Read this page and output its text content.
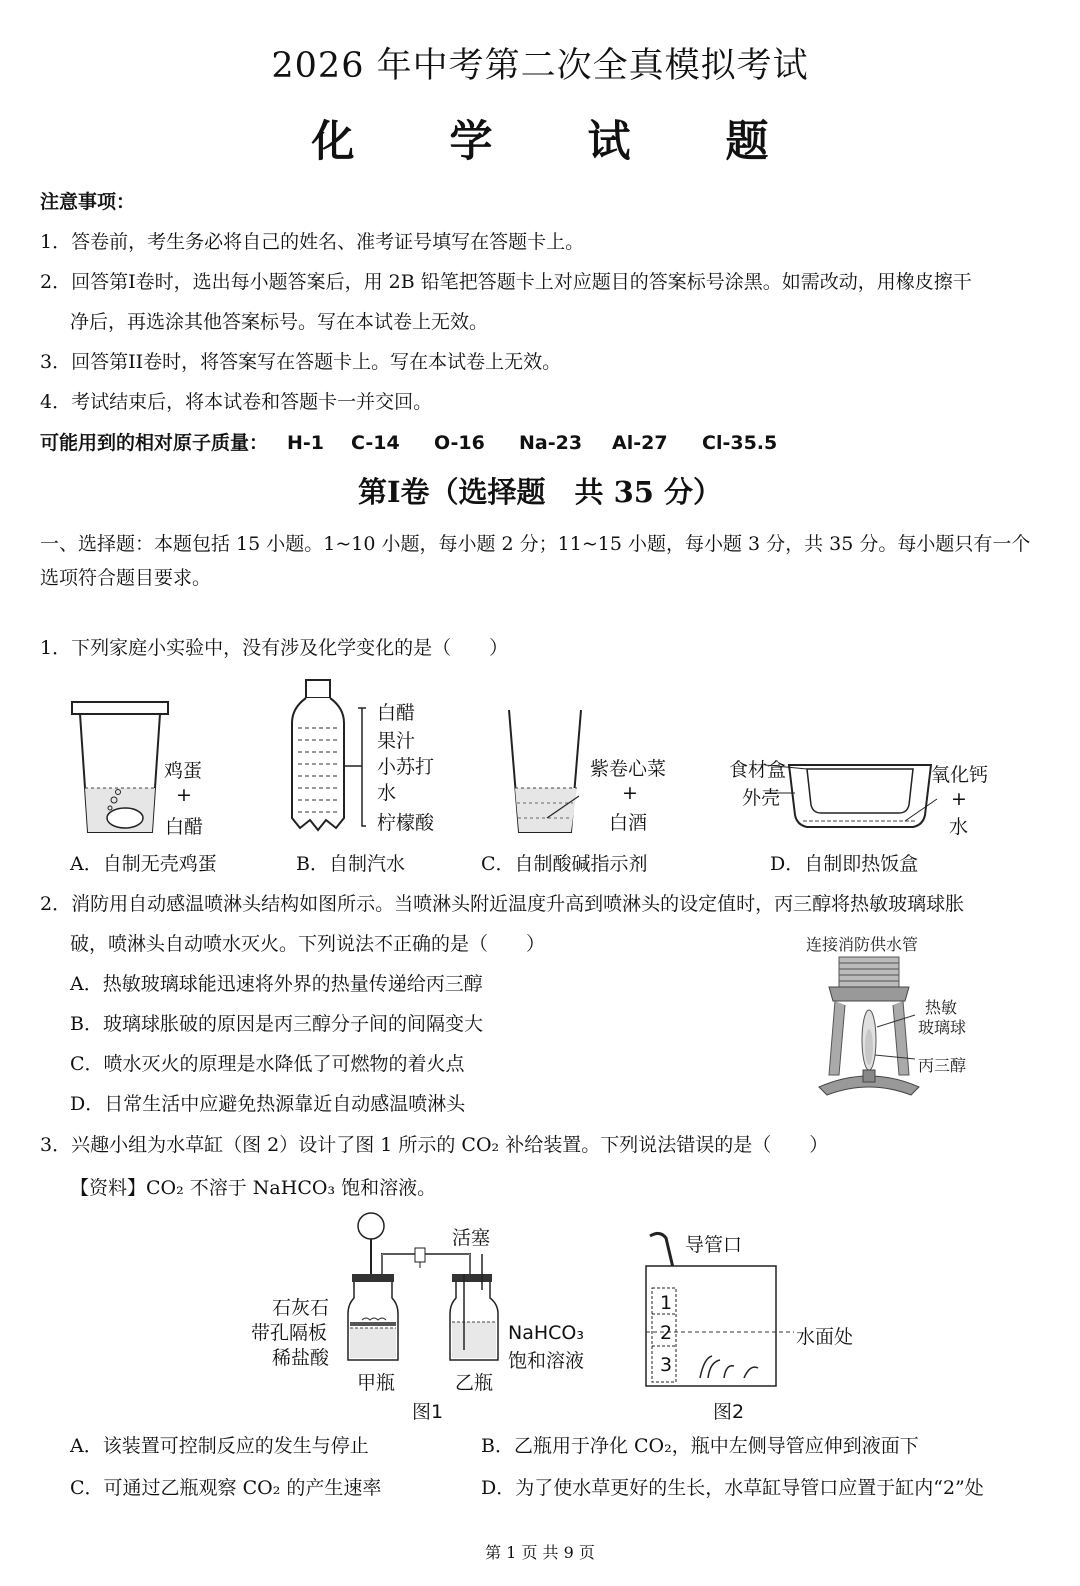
2026 年中考第二次全真模拟考试
化 学 试 题
注意事项：
1．答卷前，考生务必将自己的姓名、准考证号填写在答题卡上。
2．回答第I卷时，选出每小题答案后，用 2B 铅笔把答题卡上对应题目的答案标号涂黑。如需改动，用橡皮擦干
净后，再选涂其他答案标号。写在本试卷上无效。
3．回答第II卷时，将答案写在答题卡上。写在本试卷上无效。
4．考试结束后，将本试卷和答题卡一并交回。
可能用到的相对原子质量： H-1 C-14 O-16 Na-23 Al-27 Cl-35.5
第I卷（选择题　共 35 分）
一、选择题：本题包括 15 小题。1~10 小题，每小题 2 分；11~15 小题，每小题 3 分，共 35 分。每小题只有一个
选项符合题目要求。
1．下列家庭小实验中，没有涉及化学变化的是（　　）
鸡蛋
+
白醋
白醋
果汁
小苏打
水
柠檬酸
紫卷心菜
+
白酒
食材盒
外壳
氧化钙
+
水
A．自制无壳鸡蛋	B．自制汽水	C．自制酸碱指示剂	D．自制即热饭盒
2．消防用自动感温喷淋头结构如图所示。当喷淋头附近温度升高到喷淋头的设定值时，丙三醇将热敏玻璃球胀
破，喷淋头自动喷水灭火。下列说法不正确的是（　　）
A．热敏玻璃球能迅速将外界的热量传递给丙三醇
B．玻璃球胀破的原因是丙三醇分子间的间隔变大
C．喷水灭火的原理是水降低了可燃物的着火点
D．日常生活中应避免热源靠近自动感温喷淋头
连接消防供水管
热敏
玻璃球
丙三醇
3．兴趣小组为水草缸（图 2）设计了图 1 所示的 CO₂ 补给装置。下列说法错误的是（　　）
【资料】CO₂ 不溶于 NaHCO₃ 饱和溶液。
活塞
石灰石
带孔隔板
稀盐酸
甲瓶	乙瓶
NaHCO₃
饱和溶液
图1
导管口
1
2
3
水面处
图2
A．该装置可控制反应的发生与停止	B．乙瓶用于净化 CO₂，瓶中左侧导管应伸到液面下
C．可通过乙瓶观察 CO₂ 的产生速率	D．为了使水草更好的生长，水草缸导管口应置于缸内“2”处
第 1 页 共 9 页
